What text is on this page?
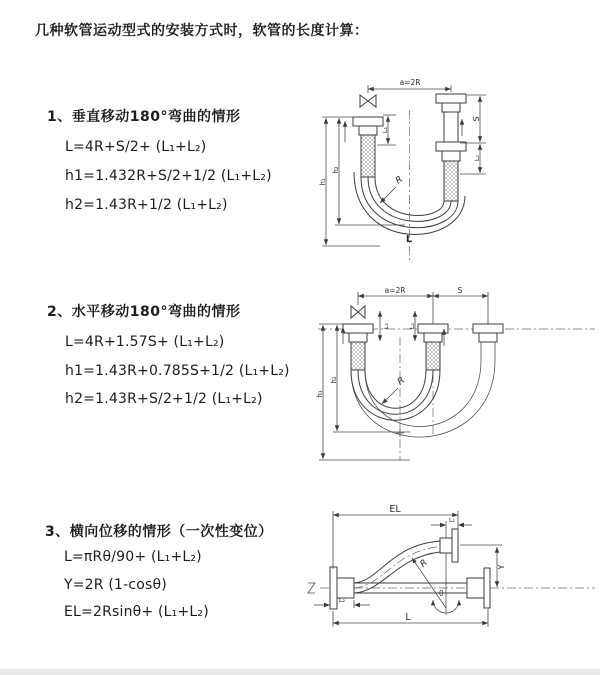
几种软管运动型式的安装方式时，软管的长度计算：
1、垂直移动180°弯曲的情形
L=4R+S/2+ (L₁+L₂)
h1=1.432R+S/2+1/2 (L₁+L₂)
h2=1.43R+1/2 (L₁+L₂)
2、水平移动180°弯曲的情形
L=4R+1.57S+ (L₁+L₂)
h1=1.43R+0.785S+1/2 (L₁+L₂)
h2=1.43R+S/2+1/2 (L₁+L₂)
3、横向位移的情形（一次性变位）
L=πRθ/90+ (L₁+L₂)
Y=2R (1-cosθ)
EL=2Rsinθ+ (L₁+L₂)
a=2R
S
L₂
L₁
h₂
h₁	R
L
a=2R	S
L₁	L₂
h₂
h₁
R
θ
R
EL
L₁
Y
L₂
L
